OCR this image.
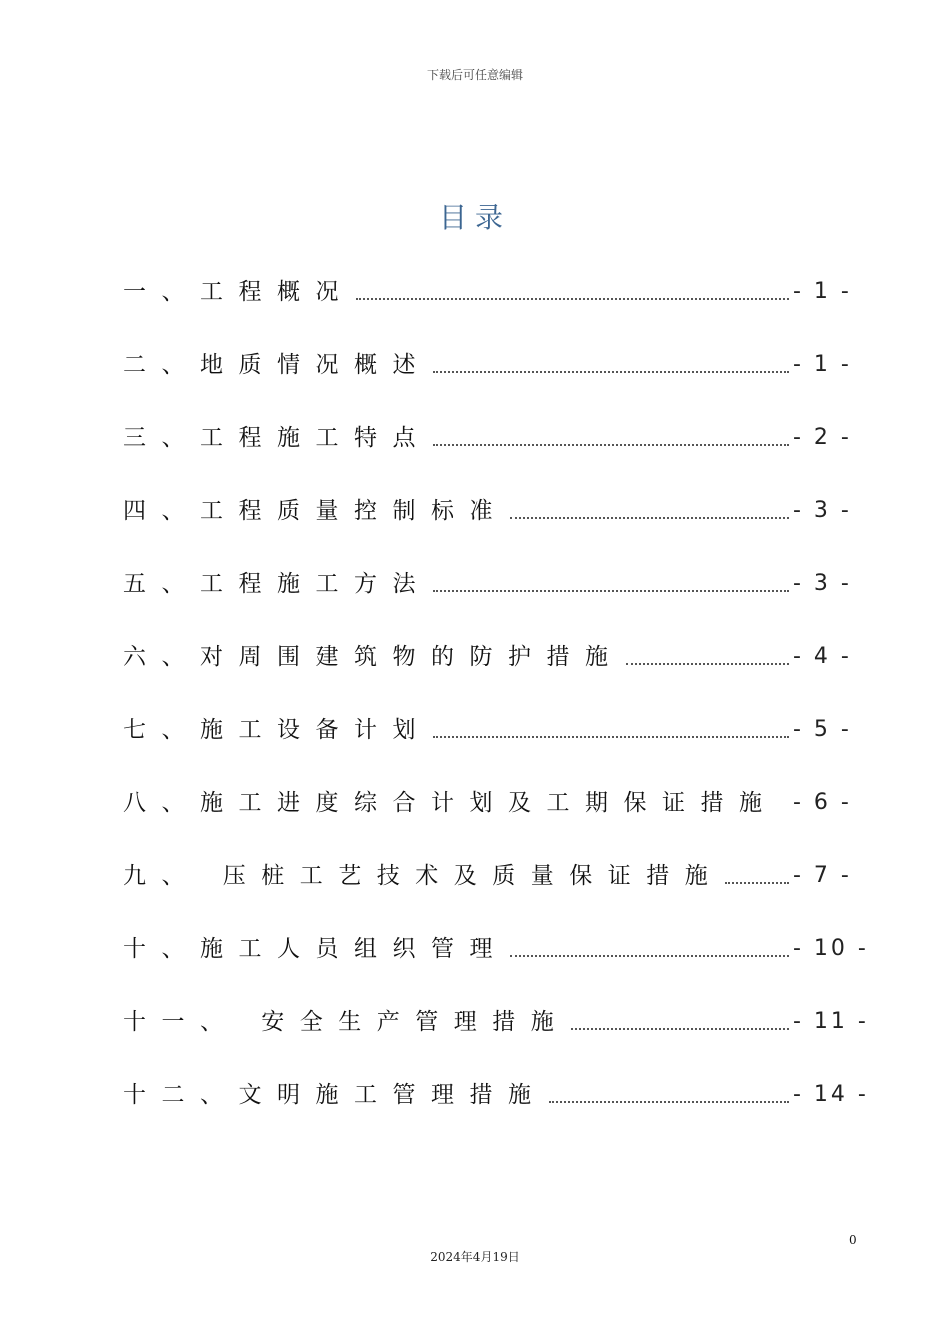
下载后可任意编辑
目录
一、工程概况	- 1 -
二、地质情况概述	- 1 -
三、工程施工特点	- 2 -
四、工程质量控制标准	- 3 -
五、工程施工方法	- 3 -
六、对周围建筑物的防护措施	- 4 -
七、施工设备计划	- 5 -
八、施工进度综合计划及工期保证措施 - 6 -
九、 压桩工艺技术及质量保证措施	- 7 -
十、施工人员组织管理	- 10 -
十一、 安全生产管理措施	- 11 -
十二、文明施工管理措施	- 14 -
0
2024年4月19日
